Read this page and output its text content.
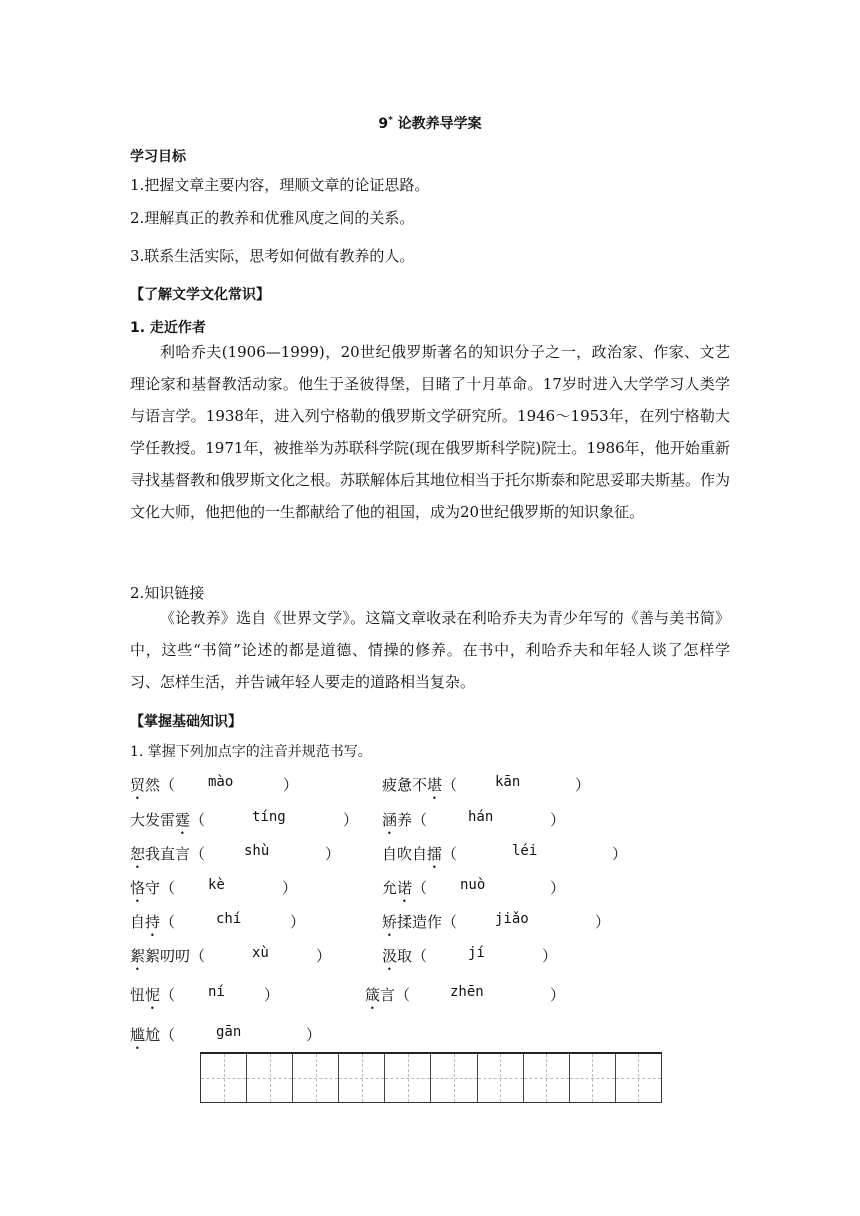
9* 论教养导学案
学习目标
1.把握文章主要内容，理顺文章的论证思路。
2.理解真正的教养和优雅风度之间的关系。
3.联系生活实际，思考如何做有教养的人。
【了解文学文化常识】
1. 走近作者
利哈乔夫(1906—1999)，20世纪俄罗斯著名的知识分子之一，政治家、作家、文艺理论家和基督教活动家。他生于圣彼得堡，目睹了十月革命。17岁时进入大学学习人类学与语言学。1938年，进入列宁格勒的俄罗斯文学研究所。1946～1953年，在列宁格勒大学任教授。1971年，被推举为苏联科学院(现在俄罗斯科学院)院士。1986年，他开始重新寻找基督教和俄罗斯文化之根。苏联解体后其地位相当于托尔斯泰和陀思妥耶夫斯基。作为文化大师，他把他的一生都献给了他的祖国，成为20世纪俄罗斯的知识象征。
2.知识链接
《论教养》选自《世界文学》。这篇文章收录在利哈乔夫为青少年写的《善与美书简》中，这些“书简”论述的都是道德、情操的修养。在书中，利哈乔夫和年轻人谈了怎样学习、怎样生活，并告诫年轻人要走的道路相当复杂。
【掌握基础知识】
1. 掌握下列加点字的注音并规范书写。
贸然（ mào	）	疲惫不堪（	kān	）
大发雷霆（	tíng	） 涵养（	hán	）
恕我直言（	shù	）	自吹自擂（	léi	）
恪守（ kè	）	允诺（ nuò	）
自持（	chí	）	矫揉造作（	jiǎo	）
絮絮叨叨（	xù	）	汲取（	jí	）
忸怩（ ní	）	箴言（	zhēn	）
尴尬（	gān	）
